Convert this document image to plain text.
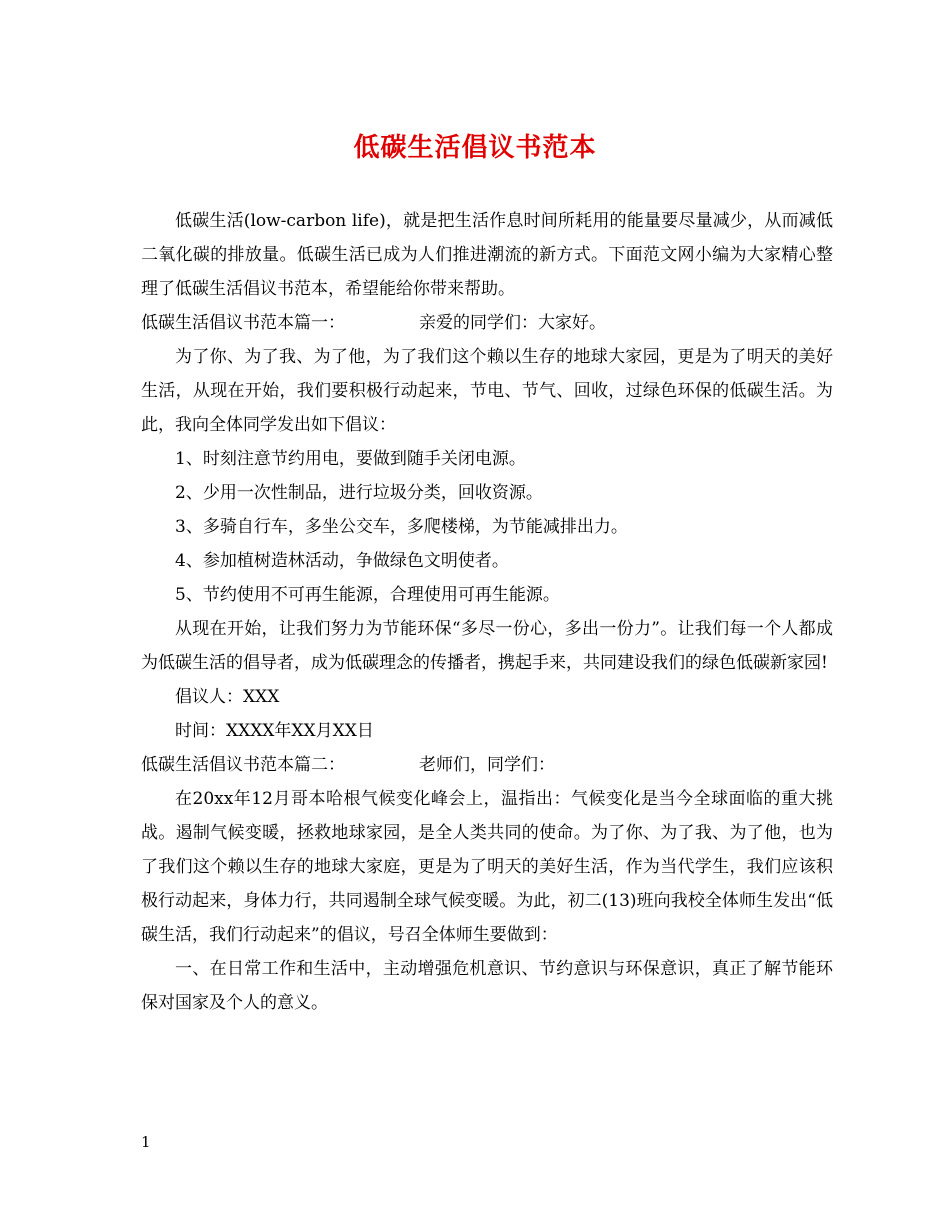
低碳生活倡议书范本

低碳生活(low-carbon life)，就是把生活作息时间所耗用的能量要尽量减少，从而减低二氧化碳的排放量。低碳生活已成为人们推进潮流的新方式。下面范文网小编为大家精心整理了低碳生活倡议书范本，希望能给你带来帮助。

低碳生活倡议书范本篇一：	亲爱的同学们：大家好。

为了你、为了我、为了他，为了我们这个赖以生存的地球大家园，更是为了明天的美好生活，从现在开始，我们要积极行动起来，节电、节气、回收，过绿色环保的低碳生活。为此，我向全体同学发出如下倡议：

1、时刻注意节约用电，要做到随手关闭电源。

2、少用一次性制品，进行垃圾分类，回收资源。

3、多骑自行车，多坐公交车，多爬楼梯，为节能减排出力。

4、参加植树造林活动，争做绿色文明使者。

5、节约使用不可再生能源，合理使用可再生能源。

从现在开始，让我们努力为节能环保“多尽一份心，多出一份力”。让我们每一个人都成为低碳生活的倡导者，成为低碳理念的传播者，携起手来，共同建设我们的绿色低碳新家园!

倡议人：XXX

时间：XXXX年XX月XX日

低碳生活倡议书范本篇二：	老师们，同学们：

在20xx年12月哥本哈根气候变化峰会上，温指出：气候变化是当今全球面临的重大挑战。遏制气候变暖，拯救地球家园，是全人类共同的使命。为了你、为了我、为了他，也为了我们这个赖以生存的地球大家庭，更是为了明天的美好生活，作为当代学生，我们应该积极行动起来，身体力行，共同遏制全球气候变暖。为此，初二(13)班向我校全体师生发出“低碳生活，我们行动起来”的倡议，号召全体师生要做到：

一、在日常工作和生活中，主动增强危机意识、节约意识与环保意识，真正了解节能环保对国家及个人的意义。

1
